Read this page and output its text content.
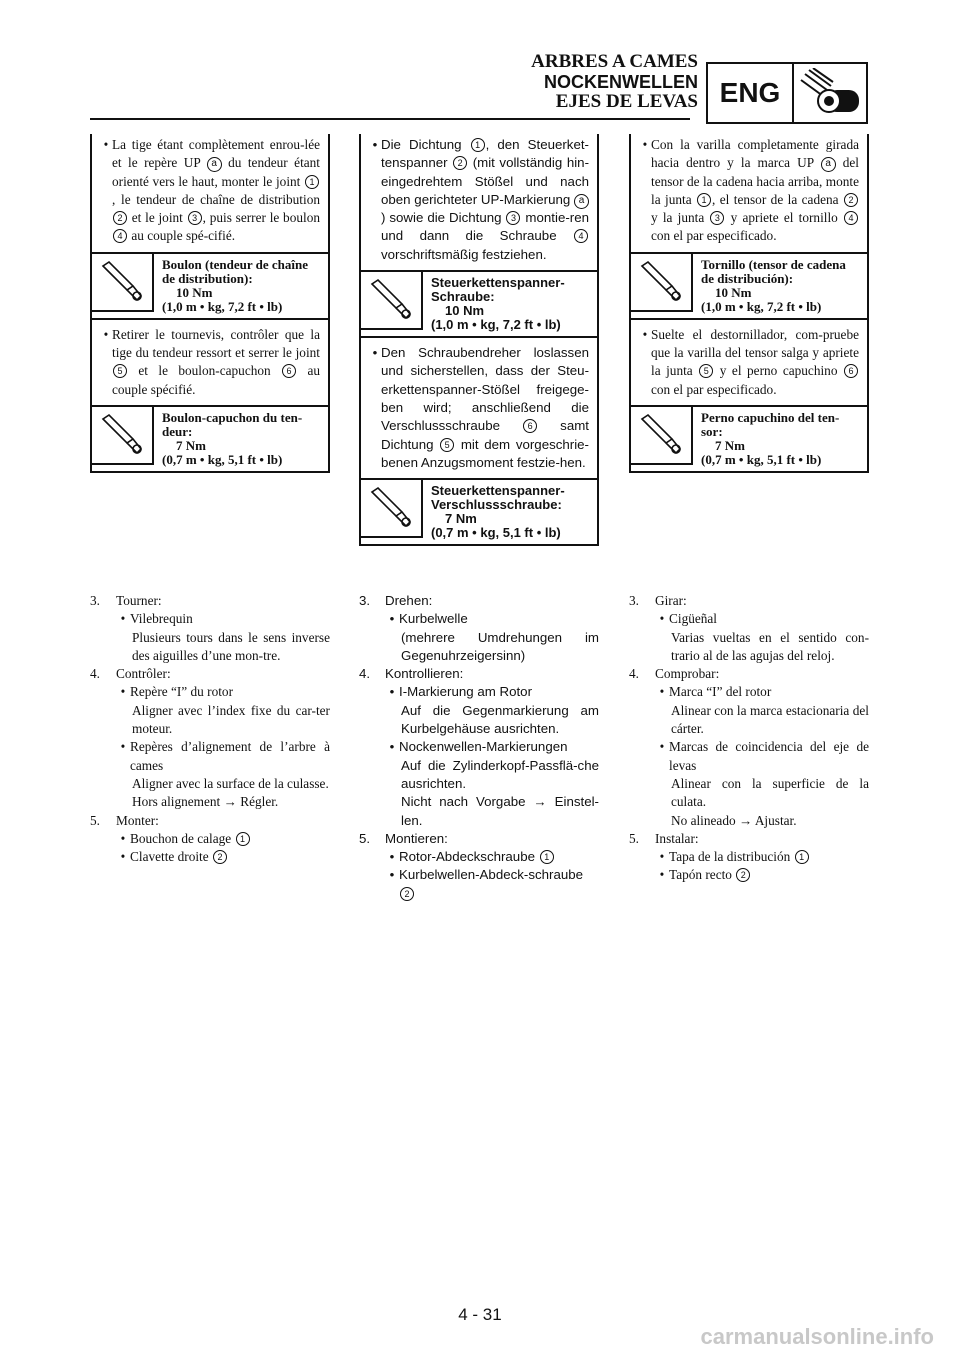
ARBRES A CAMES
NOCKENWELLEN
EJES DE LEVAS ENG
• La tige étant complètement enrou-lée et le repère UP a du tendeur étant orienté vers le haut, monter le joint 1, le tendeur de chaîne de distribution 2 et le joint 3 , puis serrer le boulon 4 au couple spé-cifié.
Boulon (tendeur de chaîne
de distribution):
10 Nm
(1,0 m • kg, 7,2 ft • lb)
• Retirer le tournevis, contrôler que la tige du tendeur ressort et serrer le joint 5 et le boulon-capuchon 6 au couple spécifié.
Boulon-capuchon du ten-
deur:
7 Nm
(0,7 m • kg, 5,1 ft • lb)
• Die Dichtung 1 , den Steuerket-tenspanner 2 (mit vollständig hin-eingedrehtem Stößel und nach oben gerichteter UP-Markierung a) sowie die Dichtung 3 montie-ren und dann die Schraube 4 vorschriftsmäßig festziehen.
Steuerkettenspanner-
Schraube:
10 Nm
(1,0 m • kg, 7,2 ft • lb)
• Den Schraubendreher loslassen und sicherstellen, dass der Steu-erkettenspanner-Stößel freigege-ben wird; anschließend die Verschlussschraube 6 samt Dichtung 5 mit dem vorgeschrie-benen Anzugsmoment festzie-hen.
Steuerkettenspanner-
Verschlussschraube:
7 Nm
(0,7 m • kg, 5,1 ft • lb)
• Con la varilla completamente girada hacia dentro y la marca UP a del tensor de la cadena hacia arriba, monte la junta 1 , el tensor de la cadena 2 y la junta 3 y apriete el tornillo 4 con el par especificado.
Tornillo (tensor de cadena
de distribución):
10 Nm
(1,0 m • kg, 7,2 ft • lb)
• Suelte el destornillador, com-pruebe que la varilla del tensor salga y apriete la junta 5 y el perno capuchino 6 con el par especificado.
Perno capuchino del ten-
sor:
7 Nm
(0,7 m • kg, 5,1 ft • lb)
3.	Tourner:
• Vilebrequin
Plusieurs tours dans le sens inverse des aiguilles d’une mon-tre.
4.	Contrôler:
• Repère “I” du rotor
Aligner avec l’index fixe du car-ter moteur.
• Repères d’alignement de l’arbre à cames
Aligner avec la surface de la culasse.
Hors alignement → Régler.
5.	Monter:
• Bouchon de calage 1
• Clavette droite 2
3.	Drehen:
• Kurbelwelle
(mehrere Umdrehungen im Gegenuhrzeigersinn)
4.	Kontrollieren:
• I-Markierung am Rotor
Auf die Gegenmarkierung am Kurbelgehäuse ausrichten.
• Nockenwellen-Markierungen
Auf die Zylinderkopf-Passflä-che ausrichten.
Nicht nach Vorgabe → Einstel-len.
5.	Montieren:
• Rotor-Abdeckschraube 1
• Kurbelwellen-Abdeck-schraube 2
3.	Girar:
• Cigüeñal
Varias vueltas en el sentido con-trario al de las agujas del reloj.
4.	Comprobar:
• Marca “I” del rotor
Alinear con la marca estacionaria del cárter.
• Marcas de coincidencia del eje de levas
Alinear con la superficie de la culata.
No alineado → Ajustar.
5.	Instalar:
• Tapa de la distribución 1
• Tapón recto 2
4 - 31
carmanualsonline.info
